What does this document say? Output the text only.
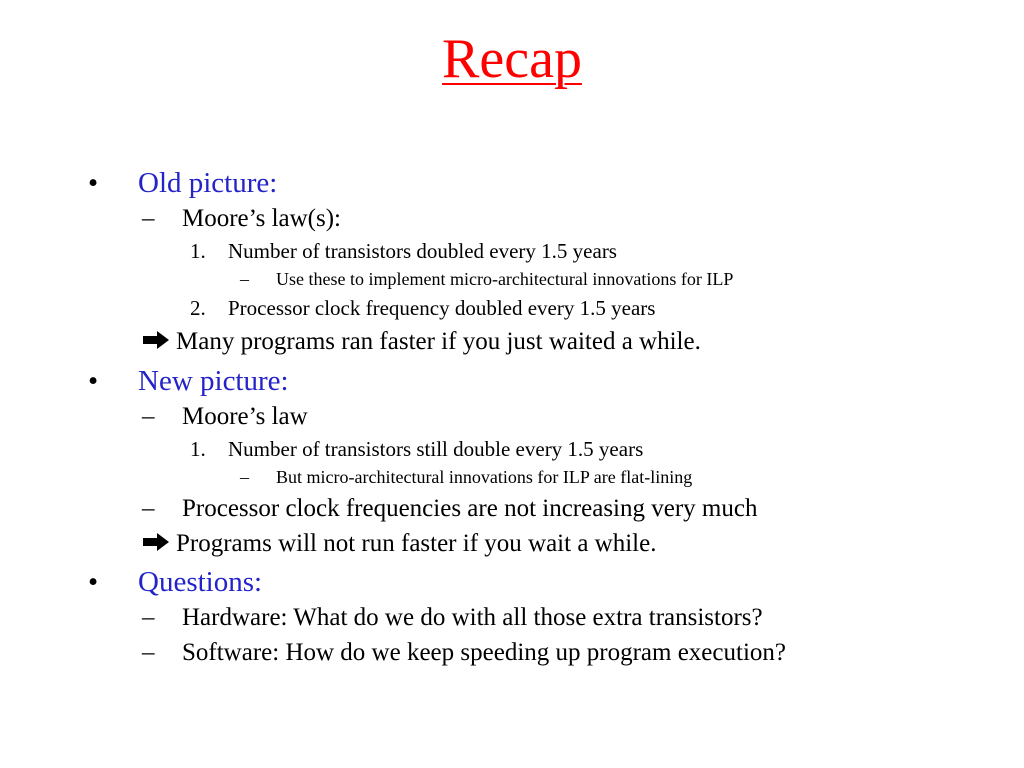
Recap
• Old picture:
– Moore’s law(s):
1. Number of transistors doubled every 1.5 years
– Use these to implement micro-architectural innovations for ILP
2. Processor clock frequency doubled every 1.5 years
Many programs ran faster if you just waited a while.
• New picture:
– Moore’s law
1. Number of transistors still double every 1.5 years
– But micro-architectural innovations for ILP are flat-lining
– Processor clock frequencies are not increasing very much
Programs will not run faster if you wait a while.
• Questions:
– Hardware: What do we do with all those extra transistors?
– Software: How do we keep speeding up program execution?
